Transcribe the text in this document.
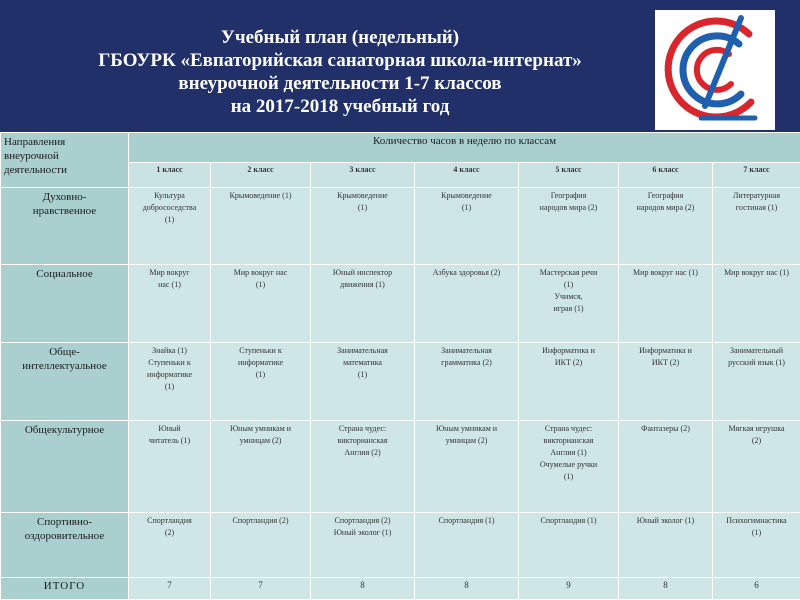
Учебный план (недельный)
ГБОУРК «Евпаторийская санаторная школа-интернат»
внеурочной деятельности 1-7 классов
на 2017-2018 учебный год
Направления
внеурочной
деятельности	Количество часов в неделю по классам						
	1 класс	2 класс	3 класс	4 класс	5 класс	6 класс	7 класс

Духовно-
нравственное	Культура
добрососедства
(1)	Крымоведение (1)	Крымоведение
(1)	Крымоведение
(1)	География
народов мира (2)	География
народов мира (2)	Литературная
гостиная (1)

Социальное	Мир вокруг
нас (1)	Мир вокруг нас
(1)	Юный инспектор
движения (1)	Азбука здоровья (2)	Мастерская речи
(1)
Учимся,
играя (1)	Мир вокруг нас (1)	Мир вокруг нас (1)

Обще-
интеллектуальное	Знайка (1)
Ступеньки к
информатике
(1)	Ступеньки к
информатике
(1)	Занимательная
математика
(1)	Занимательная
грамматика (2)	Информатика и
ИКТ (2)	Информатика и
ИКТ (2)	Занимательный
русский язык (1)

Общекультурное	Юный
читатель (1)	Юным умникам и
умницам (2)	Страна чудес:
викторианская
Англия (2)	Юным умникам и
умницам (2)	Страна чудес:
викторианская
Англия (1)
Очумелые ручки
(1)	Фантазеры (2)	Мягкая игрушка
(2)

Спортивно-
оздоровительное	Спортландия
(2)	Спортландия (2)	Спортландия (2)
Юный эколог (1)	Спортландия (1)	Спортландия (1)	Юный эколог (1)	Психогимнастика
(1)

ИТОГО	7	7	8	8	9	8	6
